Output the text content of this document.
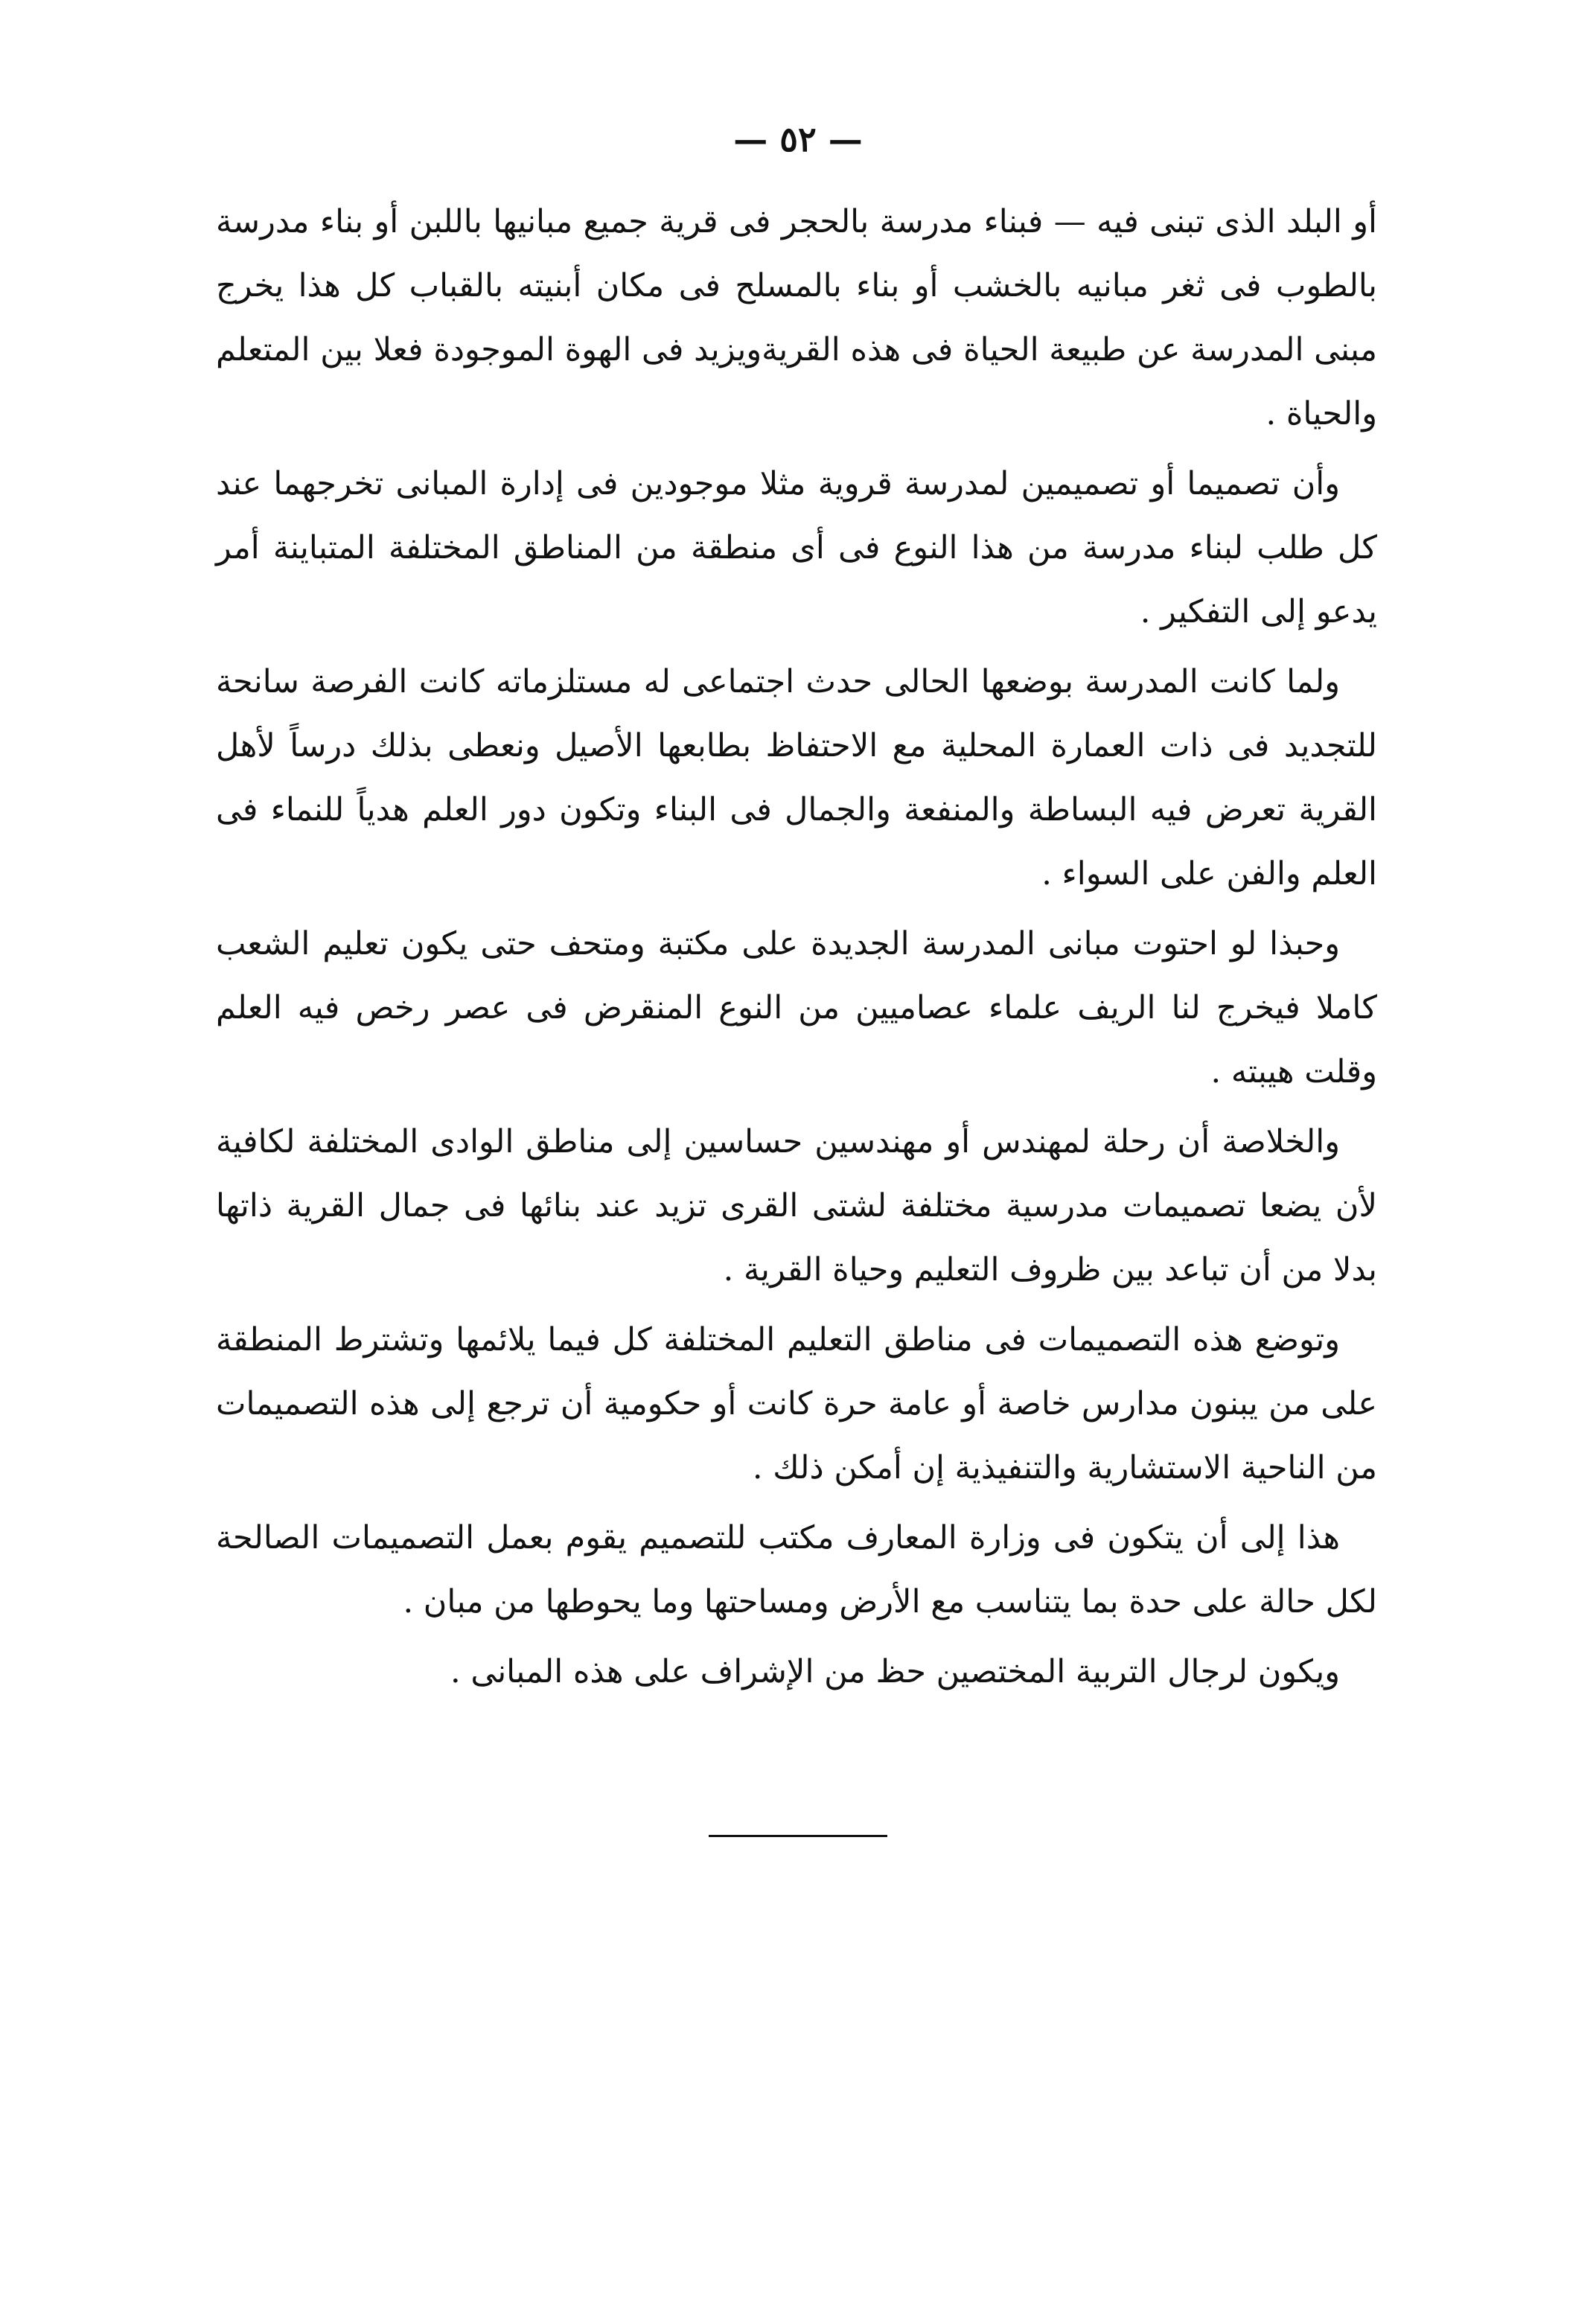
— ٥٢ —

أو البلد الذى تبنى فيه — فبناء مدرسة بالحجر فى قرية جميع مبانيها باللبن أو بناء مدرسة بالطوب فى ثغر مبانيه بالخشب أو بناء بالمسلح فى مكان أبنيته بالقباب كل هذا يخرج مبنى المدرسة عن طبيعة الحياة فى هذه القريةويزيد فى الهوة الموجودة فعلا بين المتعلم والحياة .

وأن تصميما أو تصميمين لمدرسة قروية مثلا موجودين فى إدارة المبانى تخرجهما عند كل طلب لبناء مدرسة من هذا النوع فى أى منطقة من المناطق المختلفة المتباينة أمر يدعو إلى التفكير .

ولما كانت المدرسة بوضعها الحالى حدث اجتماعى له مستلزماته كانت الفرصة سانحة للتجديد فى ذات العمارة المحلية مع الاحتفاظ بطابعها الأصيل ونعطى بذلك درساً لأهل القرية تعرض فيه البساطة والمنفعة والجمال فى البناء وتكون دور العلم هدياً للنماء فى العلم والفن على السواء .

وحبذا لو احتوت مبانى المدرسة الجديدة على مكتبة ومتحف حتى يكون تعليم الشعب كاملا فيخرج لنا الريف علماء عصاميين من النوع المنقرض فى عصر رخص فيه العلم وقلت هيبته .

والخلاصة أن رحلة لمهندس أو مهندسين حساسين إلى مناطق الوادى المختلفة لكافية لأن يضعا تصميمات مدرسية مختلفة لشتى القرى تزيد عند بنائها فى جمال القرية ذاتها بدلا من أن تباعد بين ظروف التعليم وحياة القرية .

وتوضع هذه التصميمات فى مناطق التعليم المختلفة كل فيما يلائمها وتشترط المنطقة على من يبنون مدارس خاصة أو عامة حرة كانت أو حكومية أن ترجع إلى هذه التصميمات من الناحية الاستشارية والتنفيذية إن أمكن ذلك .

هذا إلى أن يتكون فى وزارة المعارف مكتب للتصميم يقوم بعمل التصميمات الصالحة لكل حالة على حدة بما يتناسب مع الأرض ومساحتها وما يحوطها من مبان .

ويكون لرجال التربية المختصين حظ من الإشراف على هذه المبانى .
